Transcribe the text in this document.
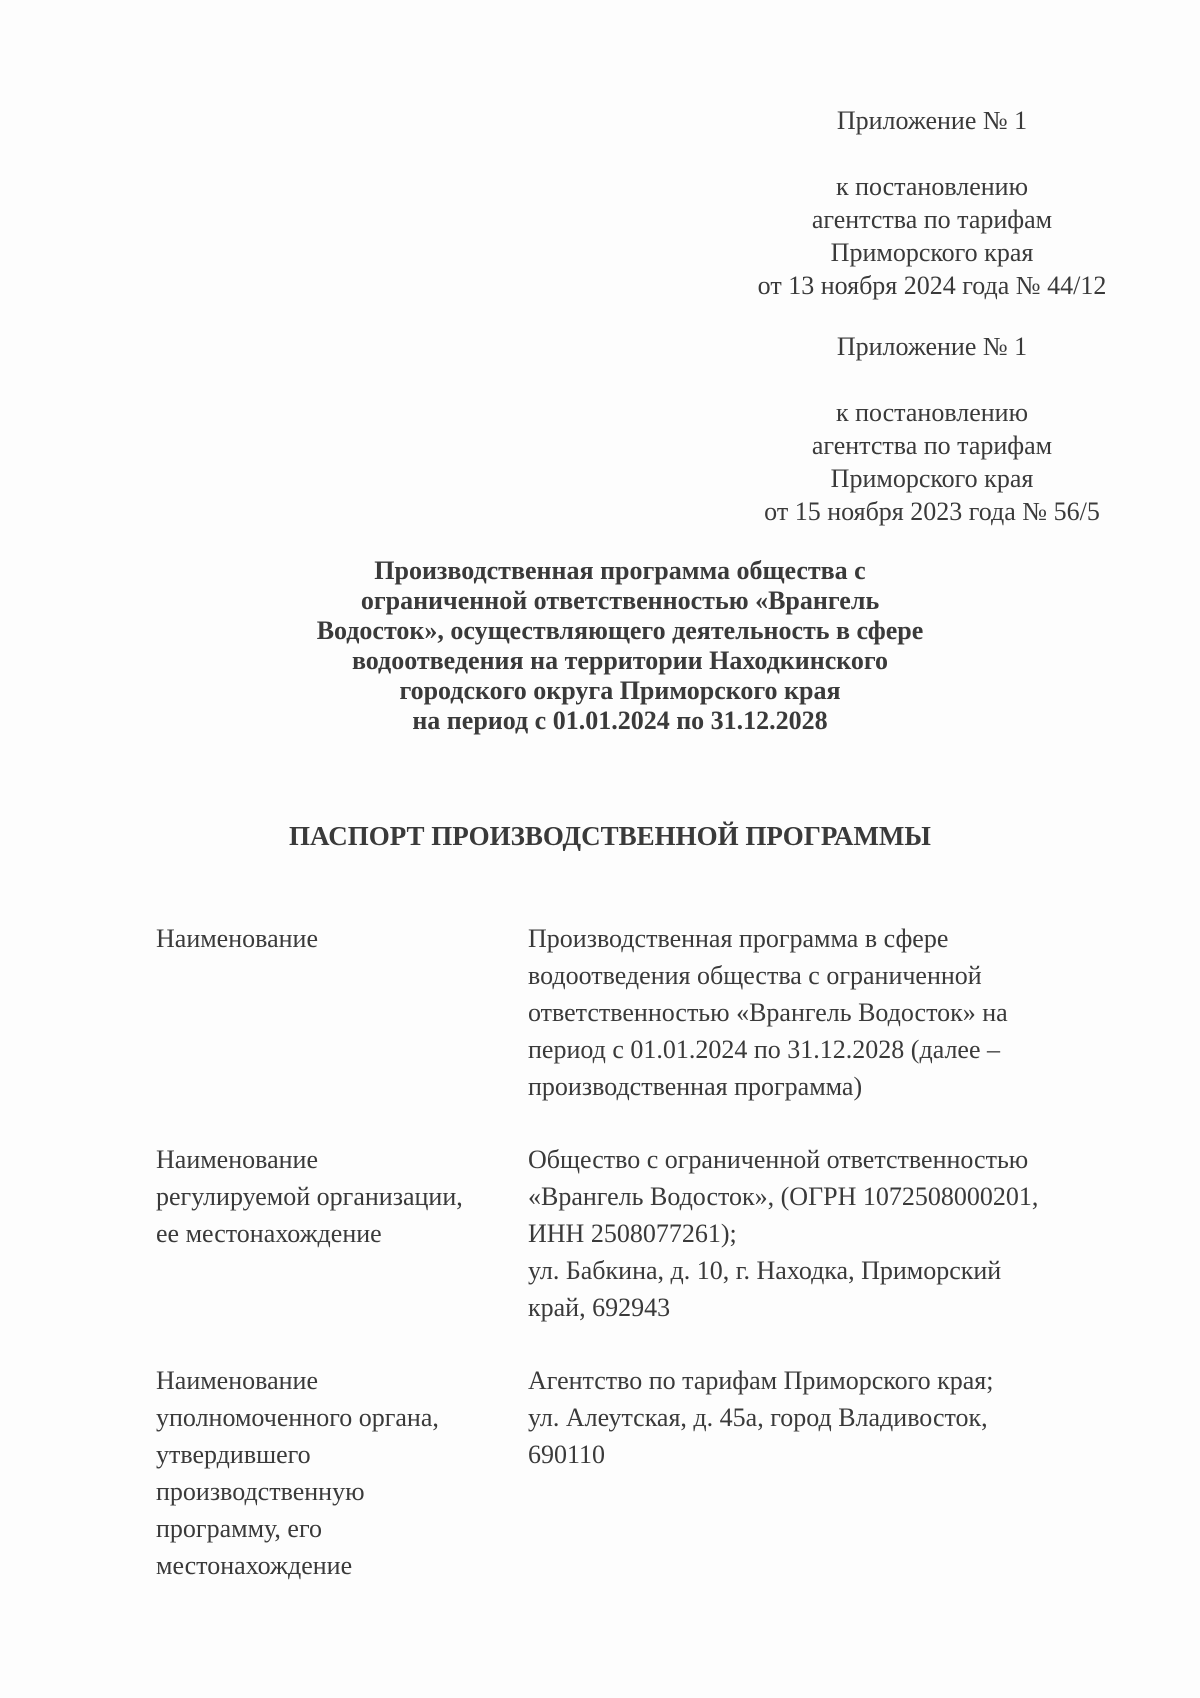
Приложение № 1
к постановлению
агентства по тарифам
Приморского края
от 13 ноября 2024 года № 44/12
Приложение № 1
к постановлению
агентства по тарифам
Приморского края
от 15 ноября 2023 года № 56/5
Производственная программа общества с
ограниченной ответственностью «Врангель
Водосток», осуществляющего деятельность в сфере
водоотведения на территории Находкинского
городского округа Приморского края
на период с 01.01.2024 по 31.12.2028
ПАСПОРТ ПРОИЗВОДСТВЕННОЙ ПРОГРАММЫ
Наименование	Производственная программа в сфере
водоотведения общества с ограниченной
ответственностью «Врангель Водосток» на
период с 01.01.2024 по 31.12.2028 (далее –
производственная программа)
Наименование
регулируемой организации,
ее местонахождение
Общество с ограниченной ответственностью
«Врангель Водосток», (ОГРН 1072508000201,
ИНН 2508077261);
ул. Бабкина, д. 10, г. Находка, Приморский
край, 692943
Наименование
уполномоченного органа,
утвердившего
производственную
программу, его
местонахождение
Агентство по тарифам Приморского края;
ул. Алеутская, д. 45а, город Владивосток,
690110
